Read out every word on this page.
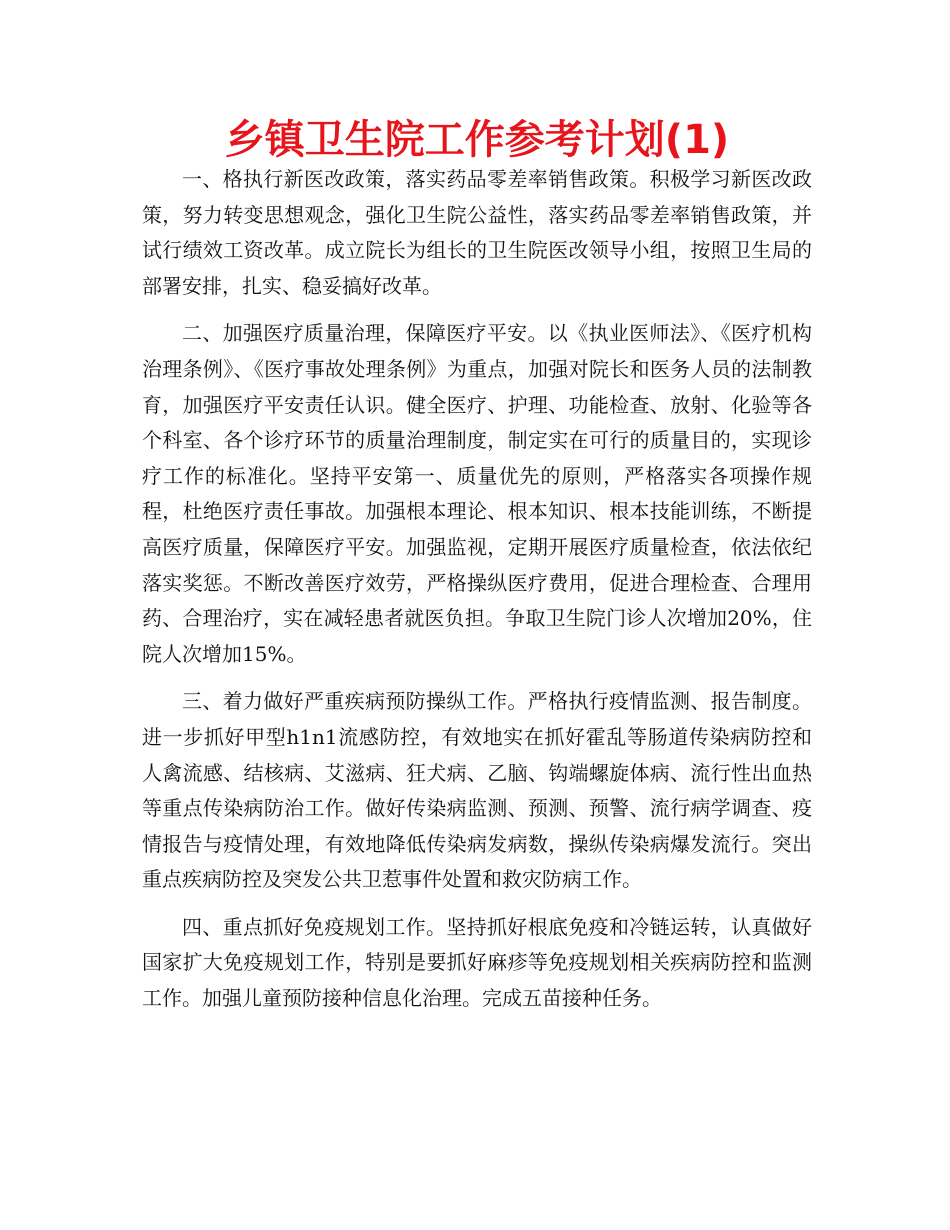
乡镇卫生院工作参考计划(1)

一、格执行新医改政策，落实药品零差率销售政策。积极学习新医改政策，努力转变思想观念，强化卫生院公益性，落实药品零差率销售政策，并试行绩效工资改革。成立院长为组长的卫生院医改领导小组，按照卫生局的部署安排，扎实、稳妥搞好改革。

二、加强医疗质量治理，保障医疗平安。以《执业医师法》、《医疗机构治理条例》、《医疗事故处理条例》为重点，加强对院长和医务人员的法制教育，加强医疗平安责任认识。健全医疗、护理、功能检查、放射、化验等各个科室、各个诊疗环节的质量治理制度，制定实在可行的质量目的，实现诊疗工作的标准化。坚持平安第一、质量优先的原则，严格落实各项操作规程，杜绝医疗责任事故。加强根本理论、根本知识、根本技能训练，不断提高医疗质量，保障医疗平安。加强监视，定期开展医疗质量检查，依法依纪落实奖惩。不断改善医疗效劳，严格操纵医疗费用，促进合理检查、合理用药、合理治疗，实在减轻患者就医负担。争取卫生院门诊人次增加20%，住院人次增加15%。

三、着力做好严重疾病预防操纵工作。严格执行疫情监测、报告制度。进一步抓好甲型h1n1流感防控，有效地实在抓好霍乱等肠道传染病防控和人禽流感、结核病、艾滋病、狂犬病、乙脑、钩端螺旋体病、流行性出血热等重点传染病防治工作。做好传染病监测、预测、预警、流行病学调查、疫情报告与疫情处理，有效地降低传染病发病数，操纵传染病爆发流行。突出重点疾病防控及突发公共卫惹事件处置和救灾防病工作。

四、重点抓好免疫规划工作。坚持抓好根底免疫和冷链运转，认真做好国家扩大免疫规划工作，特别是要抓好麻疹等免疫规划相关疾病防控和监测工作。加强儿童预防接种信息化治理。完成五苗接种任务。
